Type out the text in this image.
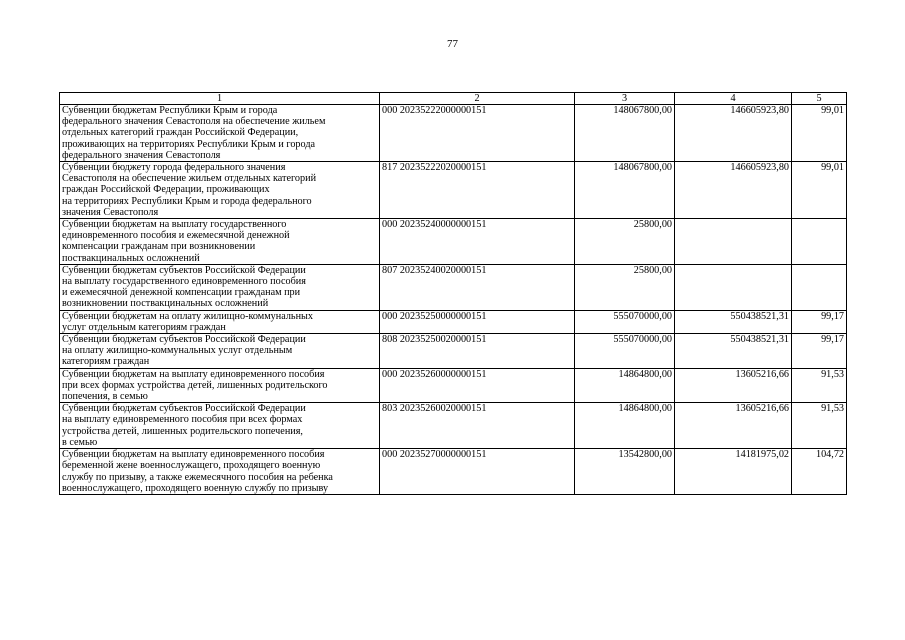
77
1	2	3	4	5
Субвенции бюджетам Республики Крым и города
федерального значения Севастополя на обеспечение жильем
отдельных категорий граждан Российской Федерации,
проживающих на территориях Республики Крым и города
федерального значения Севастополя	000 20235222000000151	148067800,00	146605923,80	99,01
Субвенции бюджету города федерального значения
Севастополя на обеспечение жильем отдельных категорий
граждан Российской Федерации, проживающих
на территориях Республики Крым и города федерального
значения Севастополя	817 20235222020000151	148067800,00	146605923,80	99,01
Субвенции бюджетам на выплату государственного
единовременного пособия и ежемесячной денежной
компенсации гражданам при возникновении
поствакцинальных осложнений	000 20235240000000151	25800,00		
Субвенции бюджетам субъектов Российской Федерации
на выплату государственного единовременного пособия
и ежемесячной денежной компенсации гражданам при
возникновении поствакцинальных осложнений	807 20235240020000151	25800,00		
Субвенции бюджетам на оплату жилищно-коммунальных
услуг отдельным категориям граждан	000 20235250000000151	555070000,00	550438521,31	99,17
Субвенции бюджетам субъектов Российской Федерации
на оплату жилищно-коммунальных услуг отдельным
категориям граждан	808 20235250020000151	555070000,00	550438521,31	99,17
Субвенции бюджетам на выплату единовременного пособия
при всех формах устройства детей, лишенных родительского
попечения, в семью	000 20235260000000151	14864800,00	13605216,66	91,53
Субвенции бюджетам субъектов Российской Федерации
на выплату единовременного пособия при всех формах
устройства детей, лишенных родительского попечения,
в семью	803 20235260020000151	14864800,00	13605216,66	91,53
Субвенции бюджетам на выплату единовременного пособия
беременной жене военнослужащего, проходящего военную
службу по призыву, а также ежемесячного пособия на ребенка
военнослужащего, проходящего военную службу по призыву	000 20235270000000151	13542800,00	14181975,02	104,72
